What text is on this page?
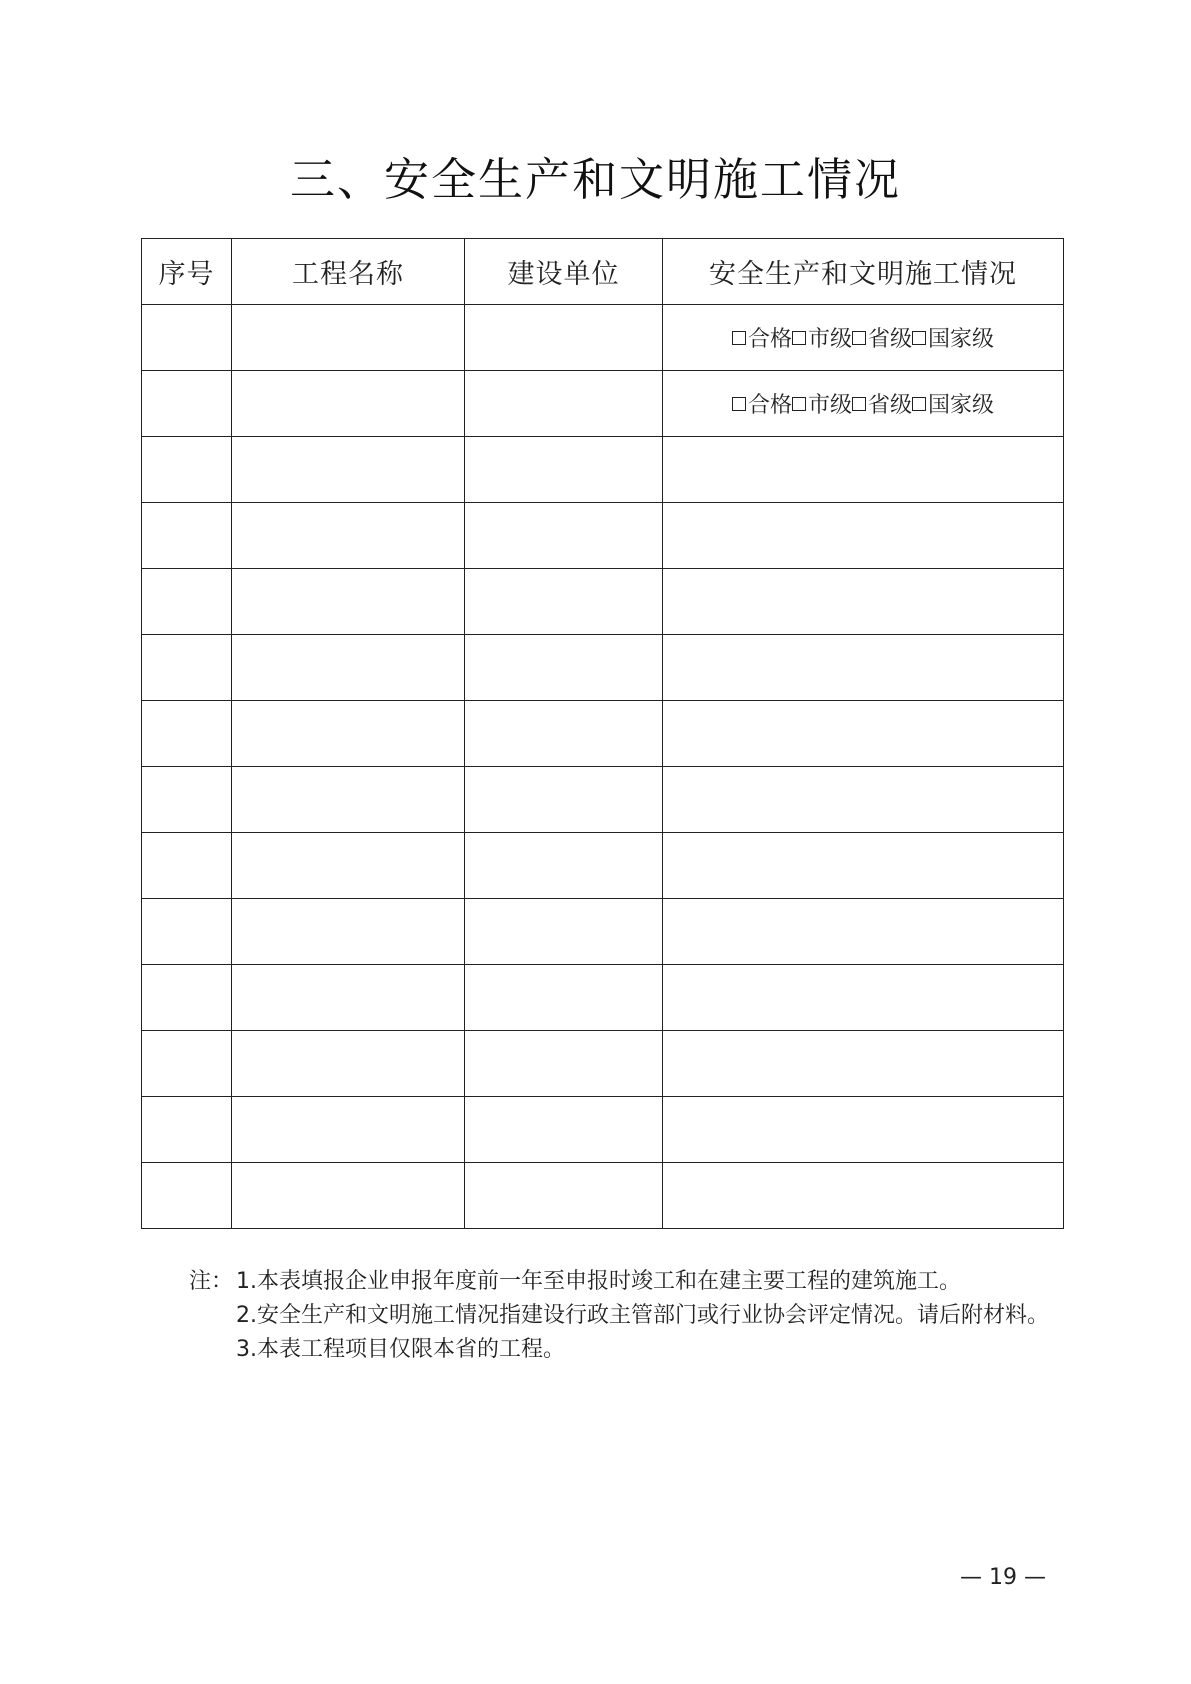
三、安全生产和文明施工情况
序号	工程名称	建设单位	安全生产和文明施工情况

			合格 市级 省级 国家级

			合格 市级 省级 国家级

注： 1.本表填报企业申报年度前一年至申报时竣工和在建主要工程的建筑施工。
2.安全生产和文明施工情况指建设行政主管部门或行业协会评定情况。请后附材料。
3.本表工程项目仅限本省的工程。
— 19 —
